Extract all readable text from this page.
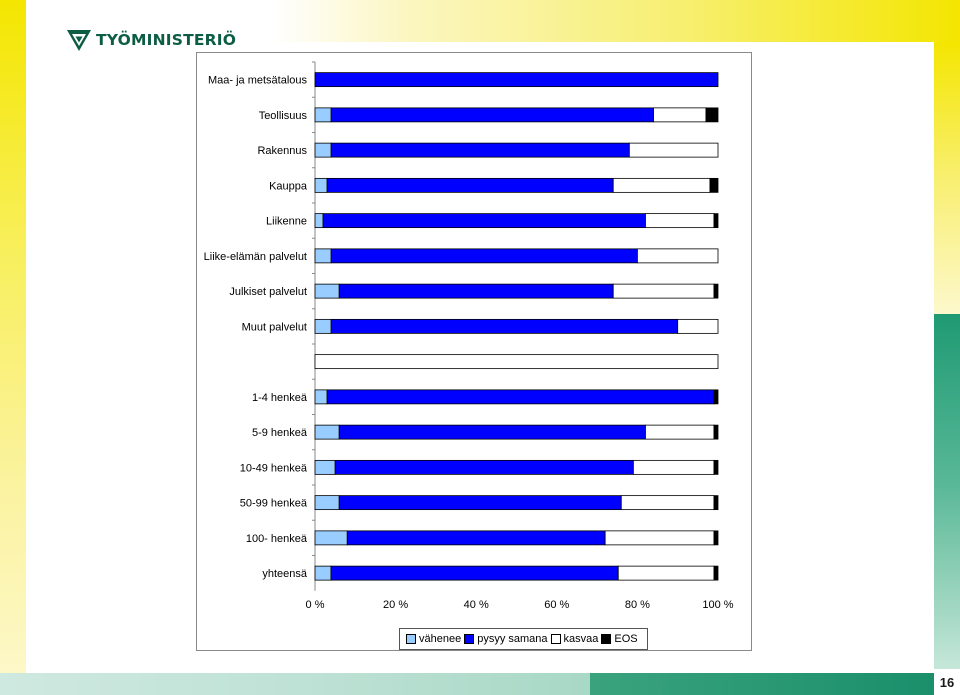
16
TYÖMINISTERIÖ
Maa- ja metsätalous
Teollisuus
Rakennus
Kauppa
Liikenne
Liike-elämän palvelut
Julkiset palvelut
Muut palvelut
1-4 henkeä
5-9 henkeä
10-49 henkeä
50-99 henkeä
100- henkeä
yhteensä
0 %	20 %	40 %	60 %	80 %	100 %
vähenee pysyy samana kasvaa EOS
